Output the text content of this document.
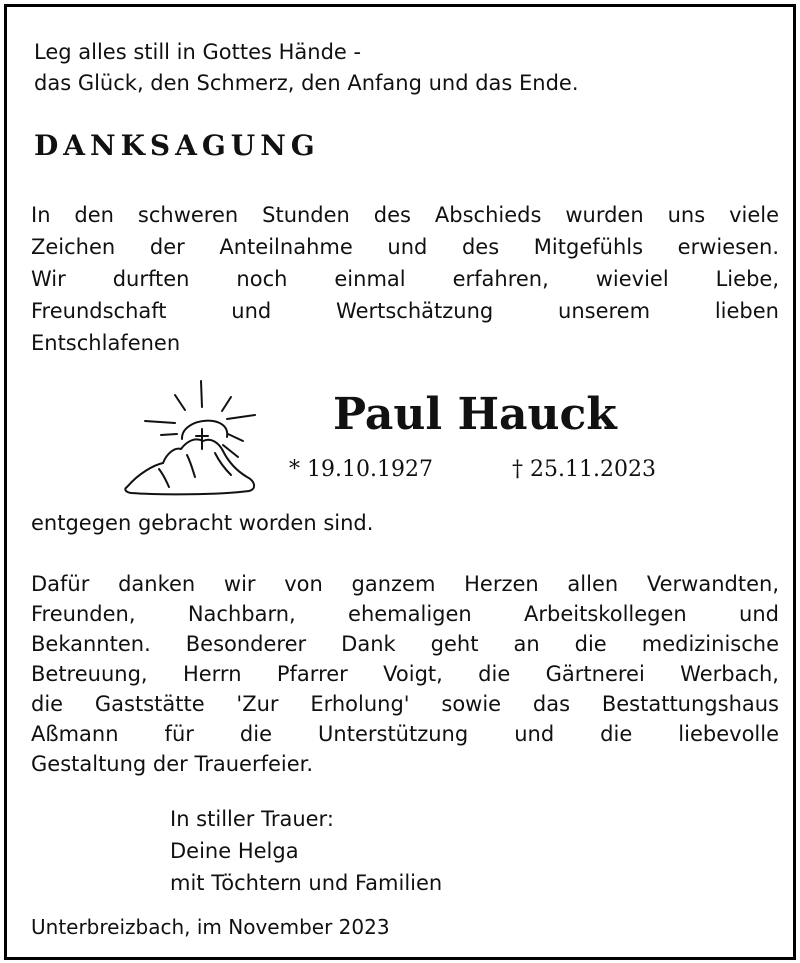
Leg alles still in Gottes Hände -
das Glück, den Schmerz, den Anfang und das Ende.
DANKSAGUNG
In den schweren Stunden des Abschieds wurden uns viele
Zeichen der Anteilnahme und des Mitgefühls erwiesen.
Wir durften noch einmal erfahren, wieviel Liebe,
Freundschaft und Wertschätzung unserem lieben
Entschlafenen
Paul Hauck
* 19.10.1927	† 25.11.2023
entgegen gebracht worden sind.
Dafür danken wir von ganzem Herzen allen Verwandten,
Freunden, Nachbarn, ehemaligen Arbeitskollegen und
Bekannten. Besonderer Dank geht an die medizinische
Betreuung, Herrn Pfarrer Voigt, die Gärtnerei Werbach,
die Gaststätte 'Zur Erholung' sowie das Bestattungshaus
Aßmann für die Unterstützung und die liebevolle
Gestaltung der Trauerfeier.
In stiller Trauer:
Deine Helga
mit Töchtern und Familien
Unterbreizbach, im November 2023
